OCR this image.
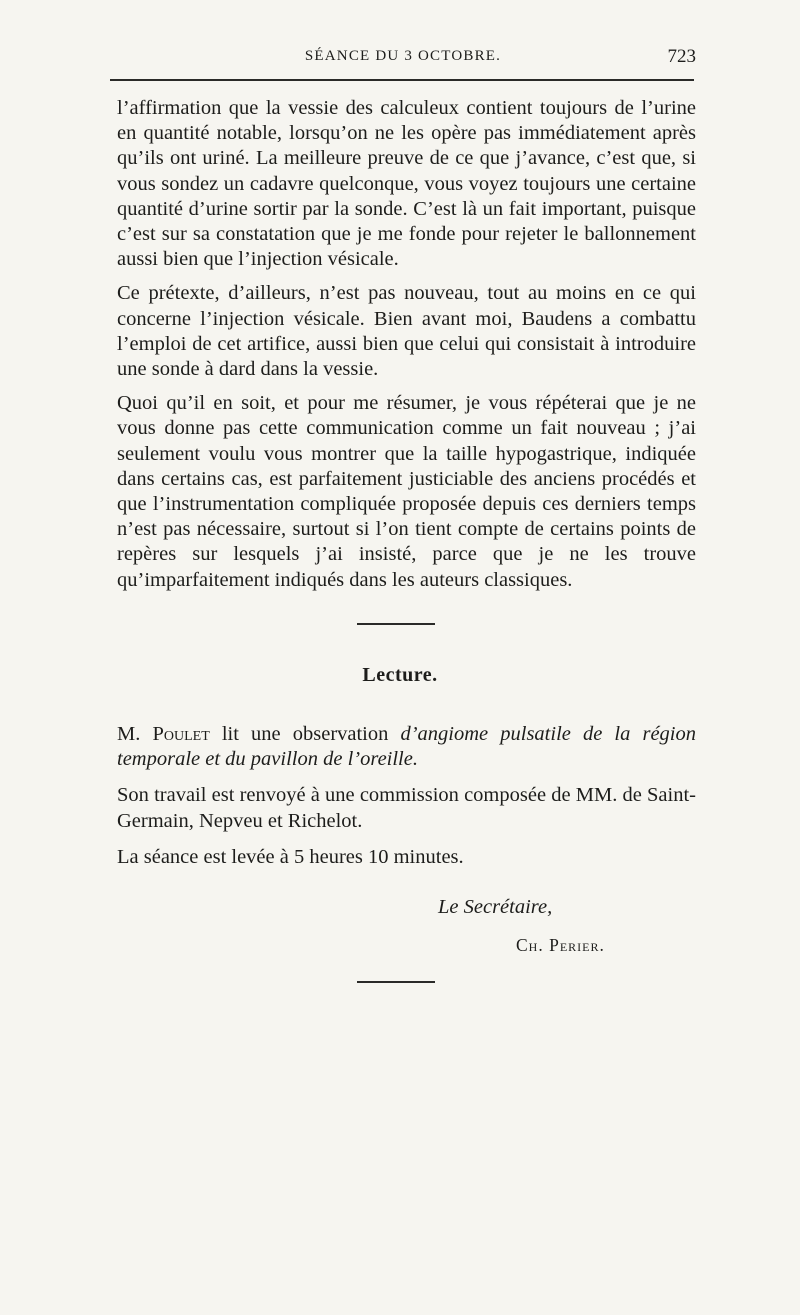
SÉANCE DU 3 OCTOBRE.	723

l’affirmation que la vessie des calculeux contient toujours de l’urine en quantité notable, lorsqu’on ne les opère pas immédiatement après qu’ils ont uriné. La meilleure preuve de ce que j’avance, c’est que, si vous sondez un cadavre quelconque, vous voyez toujours une certaine quantité d’urine sortir par la sonde. C’est là un fait important, puisque c’est sur sa constatation que je me fonde pour rejeter le ballonnement aussi bien que l’injection vésicale.

Ce prétexte, d’ailleurs, n’est pas nouveau, tout au moins en ce qui concerne l’injection vésicale. Bien avant moi, Baudens a combattu l’emploi de cet artifice, aussi bien que celui qui consistait à introduire une sonde à dard dans la vessie.

Quoi qu’il en soit, et pour me résumer, je vous répéterai que je ne vous donne pas cette communication comme un fait nouveau ; j’ai seulement voulu vous montrer que la taille hypogastrique, indiquée dans certains cas, est parfaitement justiciable des anciens procédés et que l’instrumentation compliquée proposée depuis ces derniers temps n’est pas nécessaire, surtout si l’on tient compte de certains points de repères sur lesquels j’ai insisté, parce que je ne les trouve qu’imparfaitement indiqués dans les auteurs classiques.

Lecture.

M. Poulet lit une observation d’angiome pulsatile de la région temporale et du pavillon de l’oreille.

Son travail est renvoyé à une commission composée de MM. de Saint-Germain, Nepveu et Richelot.

La séance est levée à 5 heures 10 minutes.

Le Secrétaire,
Ch. Perier.
